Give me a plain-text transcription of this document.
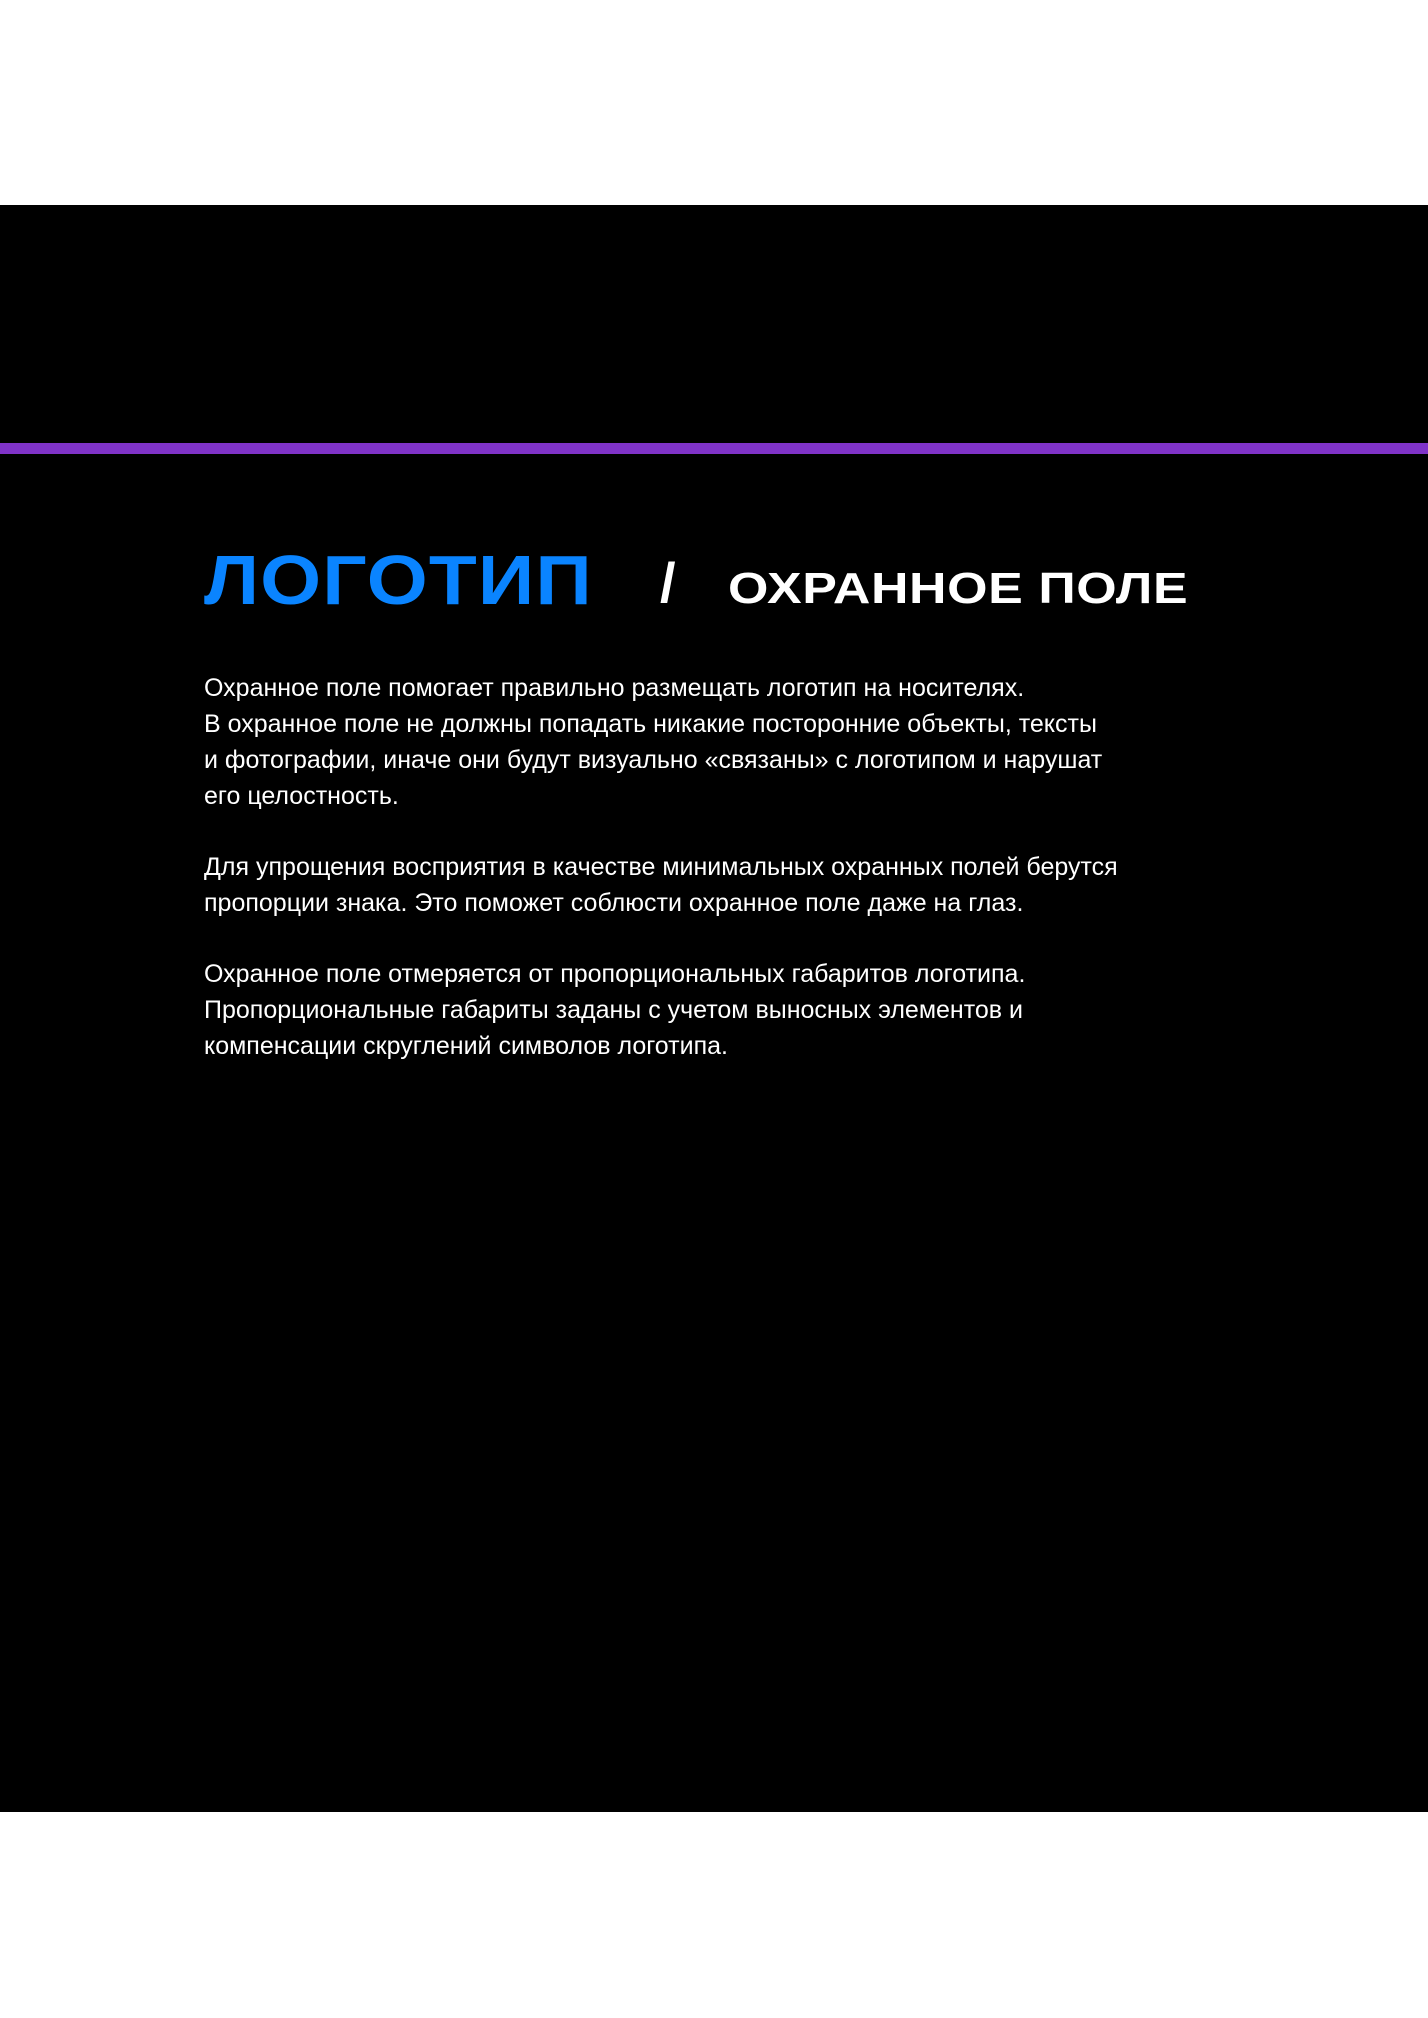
ЛОГОТИП / ОХРАННОЕ ПОЛЕ

Охранное поле помогает правильно размещать логотип на носителях.
В охранное поле не должны попадать никакие посторонние объекты, тексты
и фотографии, иначе они будут визуально «связаны» с логотипом и нарушат
его целостность.

Для упрощения восприятия в качестве минимальных охранных полей берутся
пропорции знака. Это поможет соблюсти охранное поле даже на глаз.

Охранное поле отмеряется от пропорциональных габаритов логотипа.
Пропорциональные габариты заданы с учетом выносных элементов и
компенсации скруглений символов логотипа.
